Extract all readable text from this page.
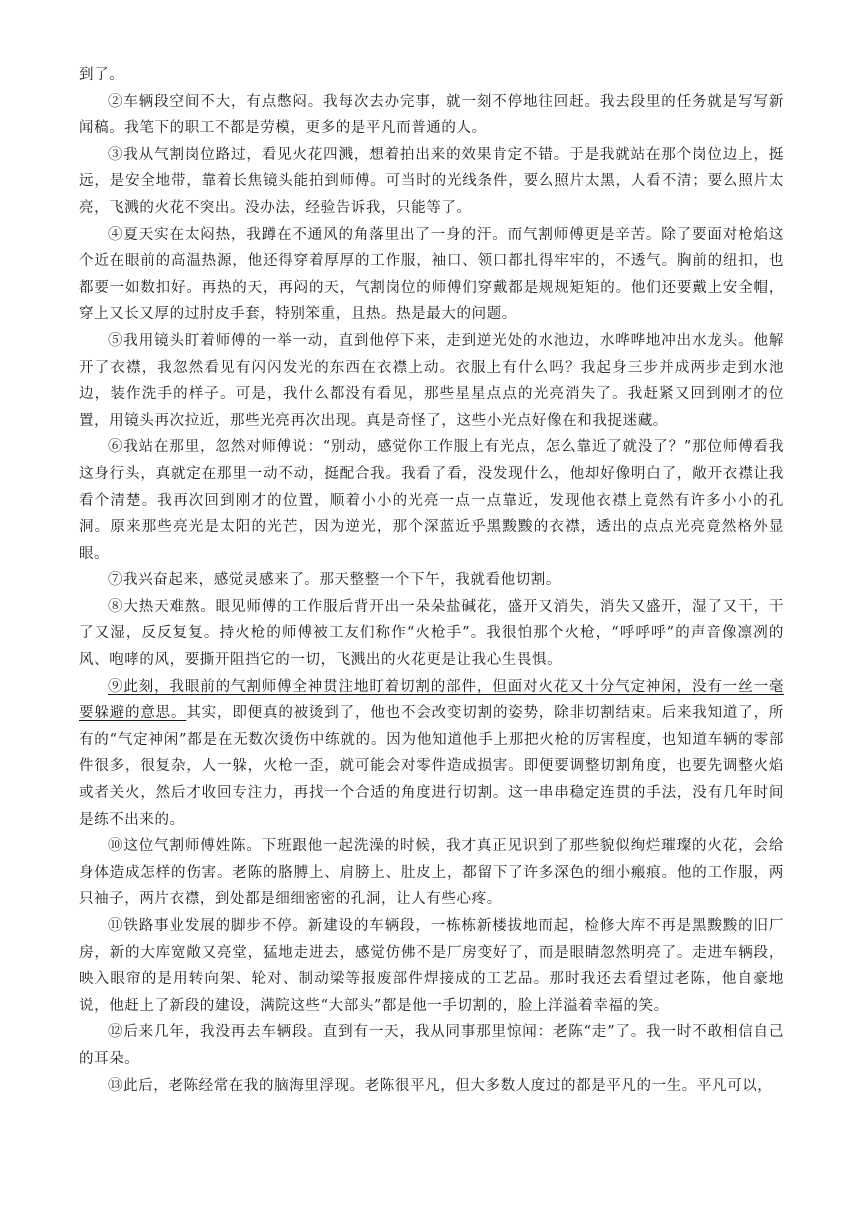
到了。

②车辆段空间不大，有点憋闷。我每次去办完事，就一刻不停地往回赶。我去段里的任务就是写写新闻稿。我笔下的职工不都是劳模，更多的是平凡而普通的人。

③我从气割岗位路过，看见火花四溅，想着拍出来的效果肯定不错。于是我就站在那个岗位边上，挺远，是安全地带，靠着长焦镜头能拍到师傅。可当时的光线条件，要么照片太黑，人看不清；要么照片太亮，飞溅的火花不突出。没办法，经验告诉我，只能等了。

④夏天实在太闷热，我蹲在不通风的角落里出了一身的汗。而气割师傅更是辛苦。除了要面对枪焰这个近在眼前的高温热源，他还得穿着厚厚的工作服，袖口、领口都扎得牢牢的，不透气。胸前的纽扣，也都要一如数扣好。再热的天，再闷的天，气割岗位的师傅们穿戴都是规规矩矩的。他们还要戴上安全帽，穿上又长又厚的过肘皮手套，特别笨重，且热。热是最大的问题。

⑤我用镜头盯着师傅的一举一动，直到他停下来，走到逆光处的水池边，水哗哗地冲出水龙头。他解开了衣襟，我忽然看见有闪闪发光的东西在衣襟上动。衣服上有什么吗？我起身三步并成两步走到水池边，装作洗手的样子。可是，我什么都没有看见，那些星星点点的光亮消失了。我赶紧又回到刚才的位置，用镜头再次拉近，那些光亮再次出现。真是奇怪了，这些小光点好像在和我捉迷藏。

⑥我站在那里，忽然对师傅说：“别动，感觉你工作服上有光点，怎么靠近了就没了？”那位师傅看我这身行头，真就定在那里一动不动，挺配合我。我看了看，没发现什么，他却好像明白了，敞开衣襟让我看个清楚。我再次回到刚才的位置，顺着小小的光亮一点一点靠近，发现他衣襟上竟然有许多小小的孔洞。原来那些亮光是太阳的光芒，因为逆光，那个深蓝近乎黑黢黢的衣襟，透出的点点光亮竟然格外显眼。

⑦我兴奋起来，感觉灵感来了。那天整整一个下午，我就看他切割。

⑧大热天难熬。眼见师傅的工作服后背开出一朵朵盐碱花，盛开又消失，消失又盛开，湿了又干，干了又湿，反反复复。持火枪的师傅被工友们称作“火枪手”。我很怕那个火枪，“呼呼呼”的声音像凛冽的风、咆哮的风，要撕开阻挡它的一切，飞溅出的火花更是让我心生畏惧。

⑨此刻，我眼前的气割师傅全神贯注地盯着切割的部件，但面对火花又十分气定神闲，没有一丝一毫要躲避的意思。其实，即便真的被烫到了，他也不会改变切割的姿势，除非切割结束。后来我知道了，所有的“气定神闲”都是在无数次烫伤中练就的。因为他知道他手上那把火枪的厉害程度，也知道车辆的零部件很多，很复杂，人一躲，火枪一歪，就可能会对零件造成损害。即便要调整切割角度，也要先调整火焰或者关火，然后才收回专注力，再找一个合适的角度进行切割。这一串串稳定连贯的手法，没有几年时间是练不出来的。

⑩这位气割师傅姓陈。下班跟他一起洗澡的时候，我才真正见识到了那些貌似绚烂璀璨的火花，会给身体造成怎样的伤害。老陈的胳膊上、肩膀上、肚皮上，都留下了许多深色的细小瘢痕。他的工作服，两只袖子，两片衣襟，到处都是细细密密的孔洞，让人有些心疼。

⑪铁路事业发展的脚步不停。新建设的车辆段，一栋栋新楼拔地而起，检修大库不再是黑黢黢的旧厂房，新的大库宽敞又亮堂，猛地走进去，感觉仿佛不是厂房变好了，而是眼睛忽然明亮了。走进车辆段，映入眼帘的是用转向架、轮对、制动梁等报废部件焊接成的工艺品。那时我还去看望过老陈，他自豪地说，他赶上了新段的建设，满院这些“大部头”都是他一手切割的，脸上洋溢着幸福的笑。

⑫后来几年，我没再去车辆段。直到有一天，我从同事那里惊闻：老陈“走”了。我一时不敢相信自己的耳朵。

⑬此后，老陈经常在我的脑海里浮现。老陈很平凡，但大多数人度过的都是平凡的一生。平凡可以，
